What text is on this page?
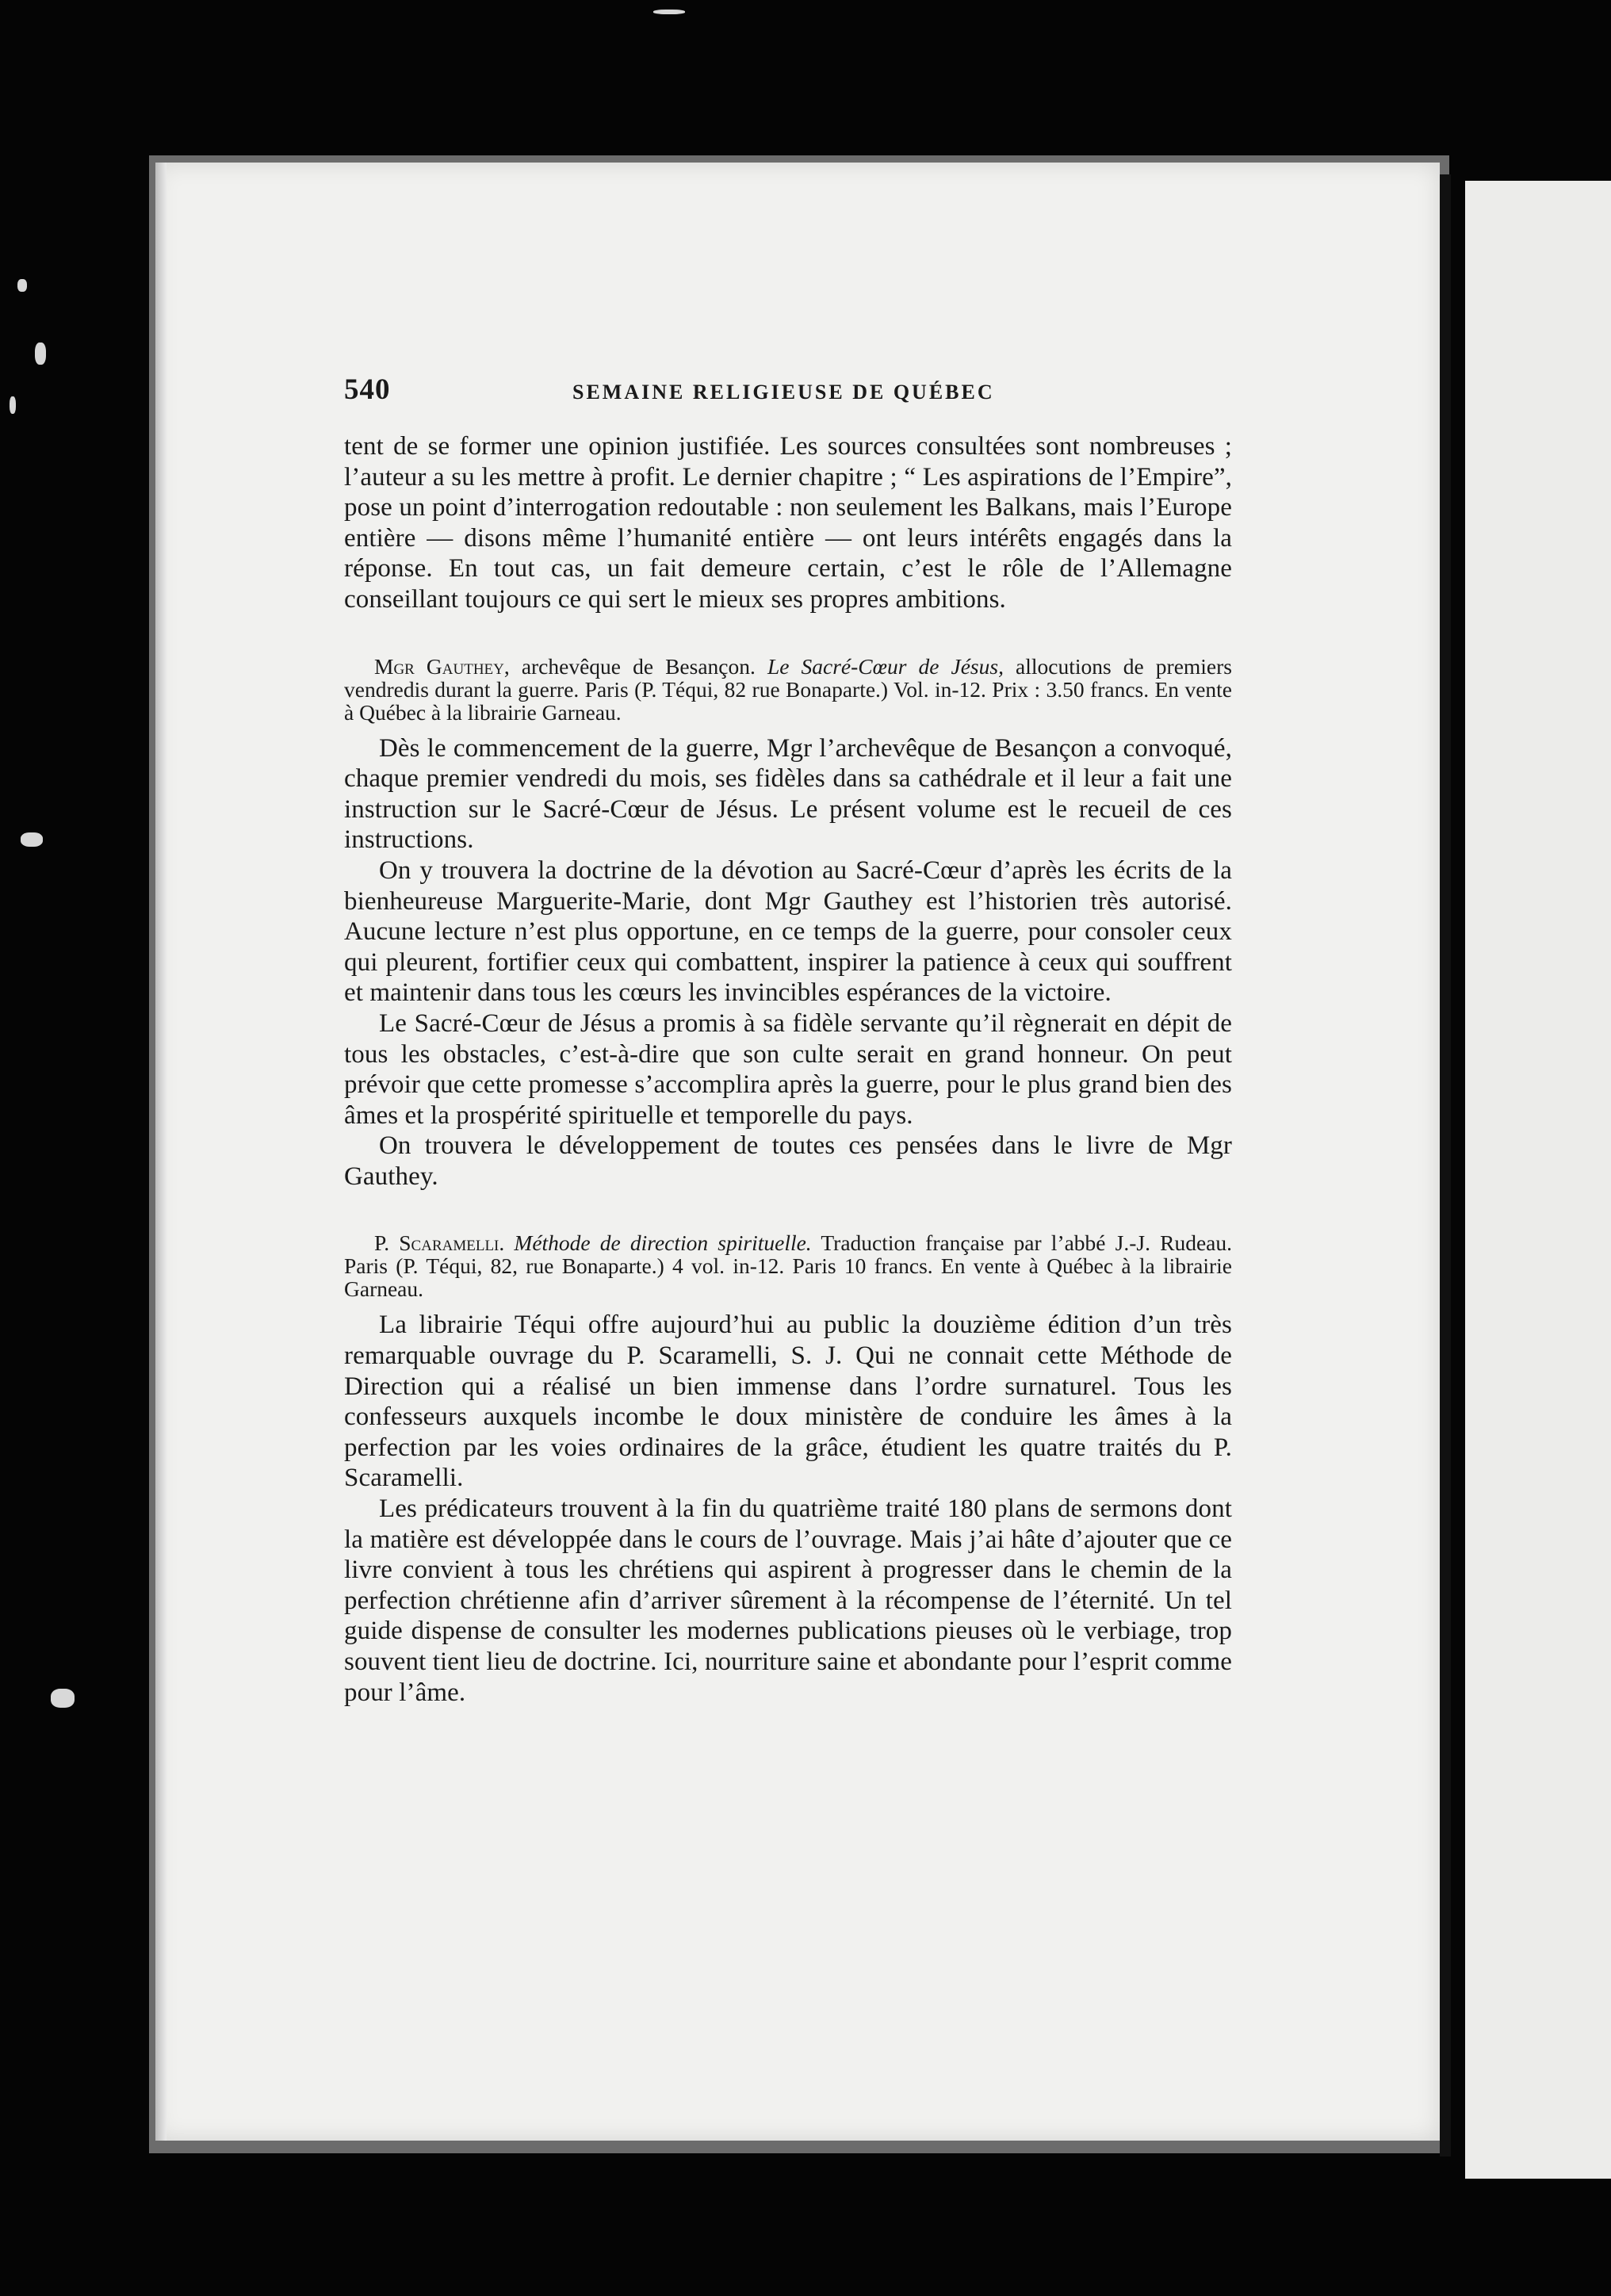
540	SEMAINE RELIGIEUSE DE QUÉBEC

tent de se former une opinion justifiée. Les sources consultées sont nombreuses ; l’auteur a su les mettre à profit. Le dernier chapitre ; “ Les aspirations de l’Empire”, pose un point d’interrogation redoutable : non seulement les Balkans, mais l’Europe entière — disons même l’humanité entière — ont leurs intérêts engagés dans la réponse. En tout cas, un fait demeure certain, c’est le rôle de l’Allemagne conseillant toujours ce qui sert le mieux ses propres ambitions.

Mgr Gauthey, archevêque de Besançon. Le Sacré-Cœur de Jésus, allocutions de premiers vendredis durant la guerre. Paris (P. Téqui, 82 rue Bonaparte.) Vol. in-12. Prix : 3.50 francs. En vente à Québec à la librairie Garneau.

Dès le commencement de la guerre, Mgr l’archevêque de Besançon a convoqué, chaque premier vendredi du mois, ses fidèles dans sa cathédrale et il leur a fait une instruction sur le Sacré-Cœur de Jésus. Le présent volume est le recueil de ces instructions.

On y trouvera la doctrine de la dévotion au Sacré-Cœur d’après les écrits de la bienheureuse Marguerite-Marie, dont Mgr Gauthey est l’historien très autorisé. Aucune lecture n’est plus opportune, en ce temps de la guerre, pour consoler ceux qui pleurent, fortifier ceux qui combattent, inspirer la patience à ceux qui souffrent et maintenir dans tous les cœurs les invincibles espérances de la victoire.

Le Sacré-Cœur de Jésus a promis à sa fidèle servante qu’il règnerait en dépit de tous les obstacles, c’est-à-dire que son culte serait en grand honneur. On peut prévoir que cette promesse s’accomplira après la guerre, pour le plus grand bien des âmes et la prospérité spirituelle et temporelle du pays.

On trouvera le développement de toutes ces pensées dans le livre de Mgr Gauthey.

P. Scaramelli. Méthode de direction spirituelle. Traduction française par l’abbé J.-J. Rudeau. Paris (P. Téqui, 82, rue Bonaparte.) 4 vol. in-12. Paris 10 francs. En vente à Québec à la librairie Garneau.

La librairie Téqui offre aujourd’hui au public la douzième édition d’un très remarquable ouvrage du P. Scaramelli, S. J. Qui ne connait cette Méthode de Direction qui a réalisé un bien immense dans l’ordre surnaturel. Tous les confesseurs auxquels incombe le doux ministère de conduire les âmes à la perfection par les voies ordinaires de la grâce, étudient les quatre traités du P. Scaramelli.

Les prédicateurs trouvent à la fin du quatrième traité 180 plans de sermons dont la matière est développée dans le cours de l’ouvrage. Mais j’ai hâte d’ajouter que ce livre convient à tous les chrétiens qui aspirent à progresser dans le chemin de la perfection chrétienne afin d’arriver sûrement à la récompense de l’éternité. Un tel guide dispense de consulter les modernes publications pieuses où le verbiage, trop souvent tient lieu de doctrine. Ici, nourriture saine et abondante pour l’esprit comme pour l’âme.
